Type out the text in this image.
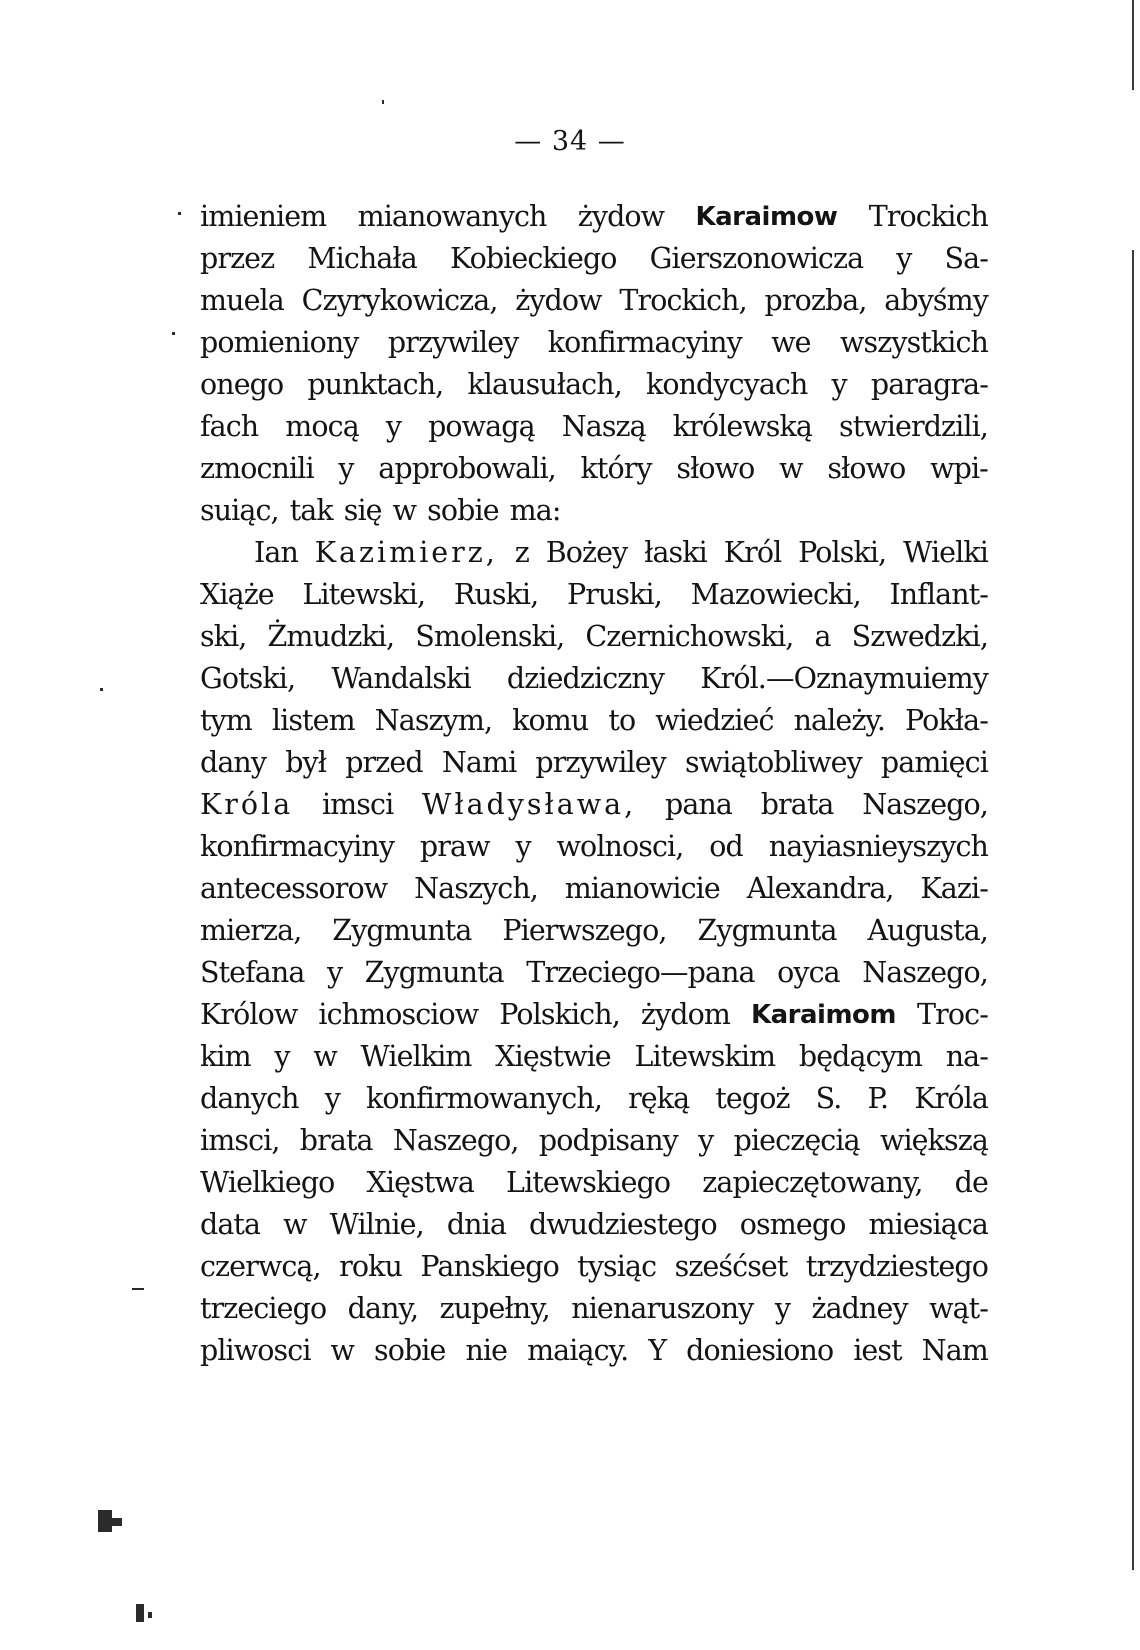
— 34 —
imieniem mianowanych żydow Karaimow Trockich
przez Michała Kobieckiego Gierszonowicza y Sa-
muela Czyrykowicza, żydow Trockich, prozba, abyśmy
pomieniony przywiley konfirmacyiny we wszystkich
onego punktach, klausułach, kondycyach y paragra-
fach mocą y powagą Naszą królewską stwierdzili,
zmocnili y approbowali, który słowo w słowo wpi-
suiąc, tak się w sobie ma:
Ian Kazimierz, z Bożey łaski Król Polski, Wielki
Xiąże Litewski, Ruski, Pruski, Mazowiecki, Inflant-
ski, Żmudzki, Smolenski, Czernichowski, a Szwedzki,
Gotski, Wandalski dziedziczny Król.—Oznaymuiemy
tym listem Naszym, komu to wiedzieć należy. Pokła-
dany był przed Nami przywiley swiątobliwey pamięci
Króla imsci Władysława, pana brata Naszego,
konfirmacyiny praw y wolnosci, od nayiasnieyszych
antecessorow Naszych, mianowicie Alexandra, Kazi-
mierza, Zygmunta Pierwszego, Zygmunta Augusta,
Stefana y Zygmunta Trzeciego—pana oyca Naszego,
Królow ichmosciow Polskich, żydom Karaimom Troc-
kim y w Wielkim Xięstwie Litewskim będącym na-
danych y konfirmowanych, ręką tegoż S. P. Króla
imsci, brata Naszego, podpisany y pieczęcią większą
Wielkiego Xięstwa Litewskiego zapieczętowany, de
data w Wilnie, dnia dwudziestego osmego miesiąca
czerwcą, roku Panskiego tysiąc sześćset trzydziestego
trzeciego dany, zupełny, nienaruszony y żadney wąt-
pliwosci w sobie nie maiący. Y doniesiono iest Nam
